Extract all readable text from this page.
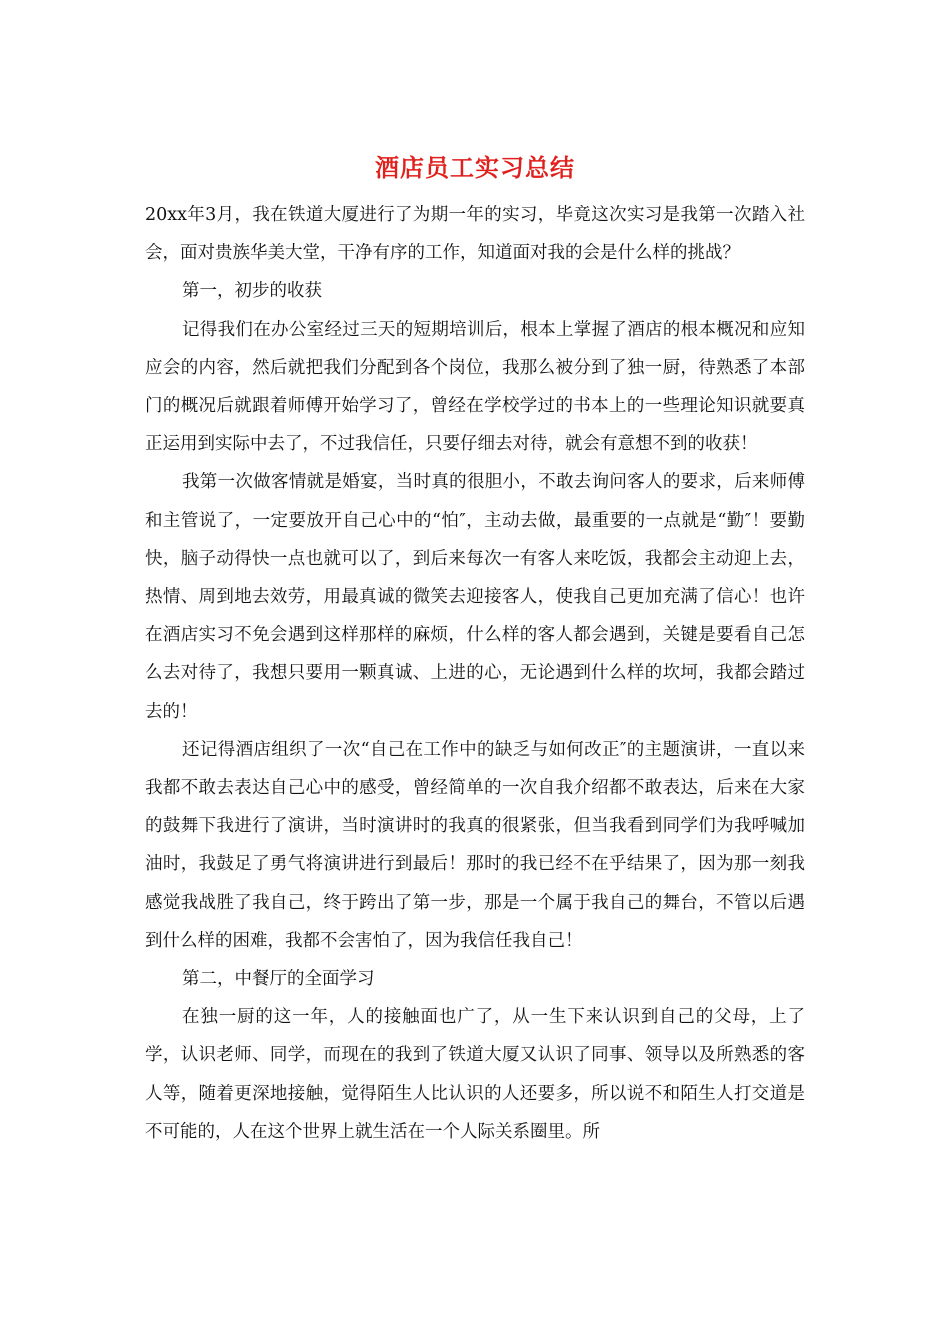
酒店员工实习总结

20xx年3月，我在铁道大厦进行了为期一年的实习，毕竟这次实习是我第一次踏入社会，面对贵族华美大堂，干净有序的工作，知道面对我的会是什么样的挑战？

第一，初步的收获

记得我们在办公室经过三天的短期培训后，根本上掌握了酒店的根本概况和应知应会的内容，然后就把我们分配到各个岗位，我那么被分到了独一厨，待熟悉了本部门的概况后就跟着师傅开始学习了，曾经在学校学过的书本上的一些理论知识就要真正运用到实际中去了，不过我信任，只要仔细去对待，就会有意想不到的收获！

我第一次做客情就是婚宴，当时真的很胆小，不敢去询问客人的要求，后来师傅和主管说了，一定要放开自己心中的“怕″，主动去做，最重要的一点就是“勤″！要勤快，脑子动得快一点也就可以了，到后来每次一有客人来吃饭，我都会主动迎上去，热情、周到地去效劳，用最真诚的微笑去迎接客人，使我自己更加充满了信心！也许在酒店实习不免会遇到这样那样的麻烦，什么样的客人都会遇到，关键是要看自己怎么去对待了，我想只要用一颗真诚、上进的心，无论遇到什么样的坎坷，我都会踏过去的！

还记得酒店组织了一次“自己在工作中的缺乏与如何改正″的主题演讲，一直以来我都不敢去表达自己心中的感受，曾经简单的一次自我介绍都不敢表达，后来在大家的鼓舞下我进行了演讲，当时演讲时的我真的很紧张，但当我看到同学们为我呼喊加油时，我鼓足了勇气将演讲进行到最后！那时的我已经不在乎结果了，因为那一刻我感觉我战胜了我自己，终于跨出了第一步，那是一个属于我自己的舞台，不管以后遇到什么样的困难，我都不会害怕了，因为我信任我自己！

第二，中餐厅的全面学习

在独一厨的这一年，人的接触面也广了，从一生下来认识到自己的父母，上了学，认识老师、同学，而现在的我到了铁道大厦又认识了同事、领导以及所熟悉的客人等，随着更深地接触，觉得陌生人比认识的人还要多，所以说不和陌生人打交道是不可能的，人在这个世界上就生活在一个人际关系圈里。所
